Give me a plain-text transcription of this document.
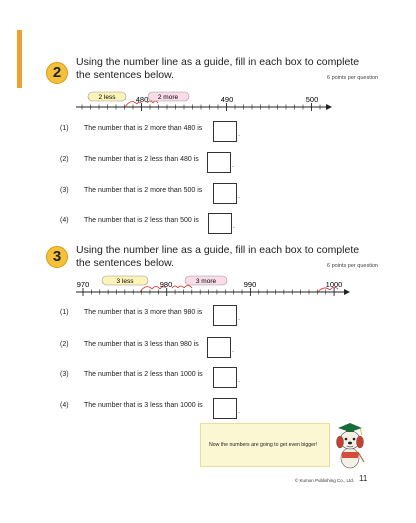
2
Using the number line as a guide, fill in each box to complete the sentences below.	6 points per question
2 less	2 more
480	490	500
(1) The number that is 2 more than 480 is
.
(2) The number that is 2 less than 480 is
.
(3) The number that is 2 more than 500 is
.
(4) The number that is 2 less than 500 is
.
3	Using the number line as a guide, fill in each box to complete the sentences below.	6 points per question
3 less	3 more
970	980	990	1000
(1) The number that is 3 more than 980 is
.
(2) The number that is 3 less than 980 is
.
(3) The number that is 2 less than 1000 is
.
(4) The number that is 3 less than 1000 is
.
Now the numbers are going to get even bigger!
© Kumon Publishing Co., Ltd. 11
